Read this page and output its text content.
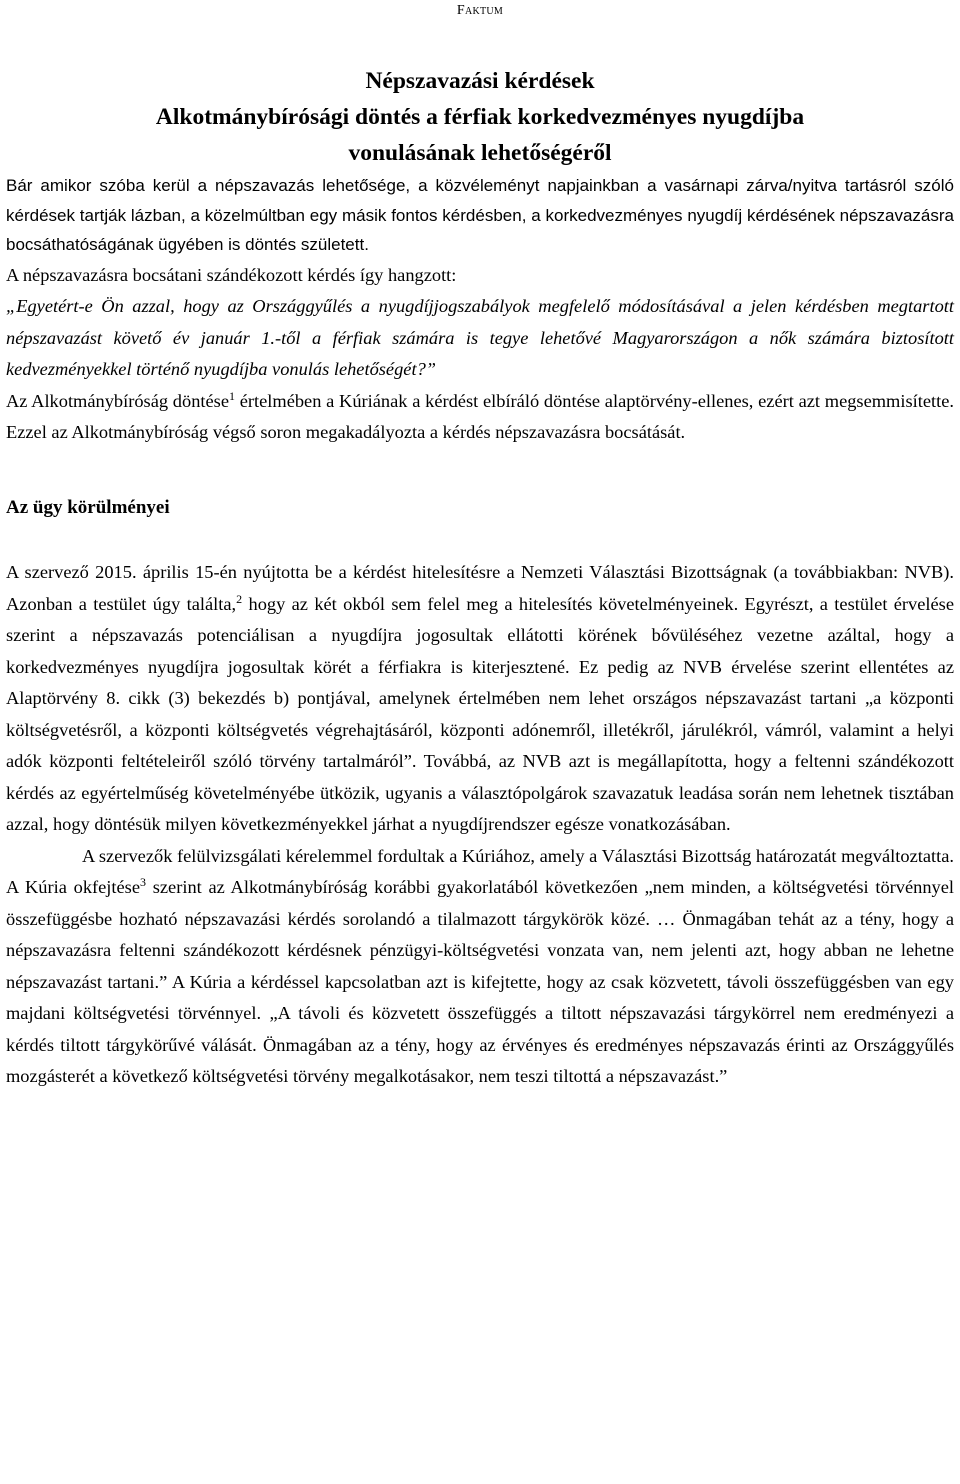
Faktum
Népszavazási kérdések
Alkotmánybírósági döntés a férfiak korkedvezményes nyugdíjba
vonulásának lehetőségéről

Bár amikor szóba kerül a népszavazás lehetősége, a közvéleményt napjainkban a vasárnapi zárva/nyitva tartásról szóló kérdések tartják lázban, a közelmúltban egy másik fontos kérdésben, a korkedvezményes nyugdíj kérdésének népszavazásra bocsáthatóságának ügyében is döntés született.

A népszavazásra bocsátani szándékozott kérdés így hangzott:

„Egyetért-e Ön azzal, hogy az Országgyűlés a nyugdíjjogszabályok megfelelő módosításával a jelen kérdésben megtartott népszavazást követő év január 1.-től a férfiak számára is tegye lehetővé Magyarországon a nők számára biztosított kedvezményekkel történő nyugdíjba vonulás lehetőségét?”

Az Alkotmánybíróság döntése$^1$ értelmében a Kúriának a kérdést elbíráló döntése alaptörvény-ellenes, ezért azt megsemmisítette. Ezzel az Alkotmánybíróság végső soron megakadályozta a kérdés népszavazásra bocsátását.

Az ügy körülményei

A szervező 2015. április 15-én nyújtotta be a kérdést hitelesítésre a Nemzeti Választási Bizottságnak (a továbbiakban: NVB). Azonban a testület úgy találta,$^2$ hogy az két okból sem felel meg a hitelesítés követelményeinek. Egyrészt, a testület érvelése szerint a népszavazás potenciálisan a nyugdíjra jogosultak ellátotti körének bővüléséhez vezetne azáltal, hogy a korkedvezményes nyugdíjra jogosultak körét a férfiakra is kiterjesztené. Ez pedig az NVB érvelése szerint ellentétes az Alaptörvény 8. cikk (3) bekezdés b) pontjával, amelynek értelmében nem lehet országos népszavazást tartani „a központi költségvetésről, a központi költségvetés végrehajtásáról, központi adónemről, illetékről, járulékról, vámról, valamint a helyi adók központi feltételeiről szóló törvény tartalmáról”. Továbbá, az NVB azt is megállapította, hogy a feltenni szándékozott kérdés az egyértelműség követelményébe ütközik, ugyanis a választópolgárok szavazatuk leadása során nem lehetnek tisztában azzal, hogy döntésük milyen következményekkel járhat a nyugdíjrendszer egésze vonatkozásában.

A szervezők felülvizsgálati kérelemmel fordultak a Kúriához, amely a Választási Bizottság határozatát megváltoztatta. A Kúria okfejtése$^3$ szerint az Alkotmánybíróság korábbi gyakorlatából következően „nem minden, a költségvetési törvénnyel összefüggésbe hozható népszavazási kérdés sorolandó a tilalmazott tárgykörök közé. … Önmagában tehát az a tény, hogy a népszavazásra feltenni szándékozott kérdésnek pénzügyi-költségvetési vonzata van, nem jelenti azt, hogy abban ne lehetne népszavazást tartani.” A Kúria a kérdéssel kapcsolatban azt is kifejtette, hogy az csak közvetett, távoli összefüggésben van egy majdani költségvetési törvénnyel. „A távoli és közvetett összefüggés a tiltott népszavazási tárgykörrel nem eredményezi a kérdés tiltott tárgykörűvé válását. Önmagában az a tény, hogy az érvényes és eredményes népszavazás érinti az Országgyűlés mozgásterét a következő költségvetési törvény megalkotásakor, nem teszi tiltottá a népszavazást.”
